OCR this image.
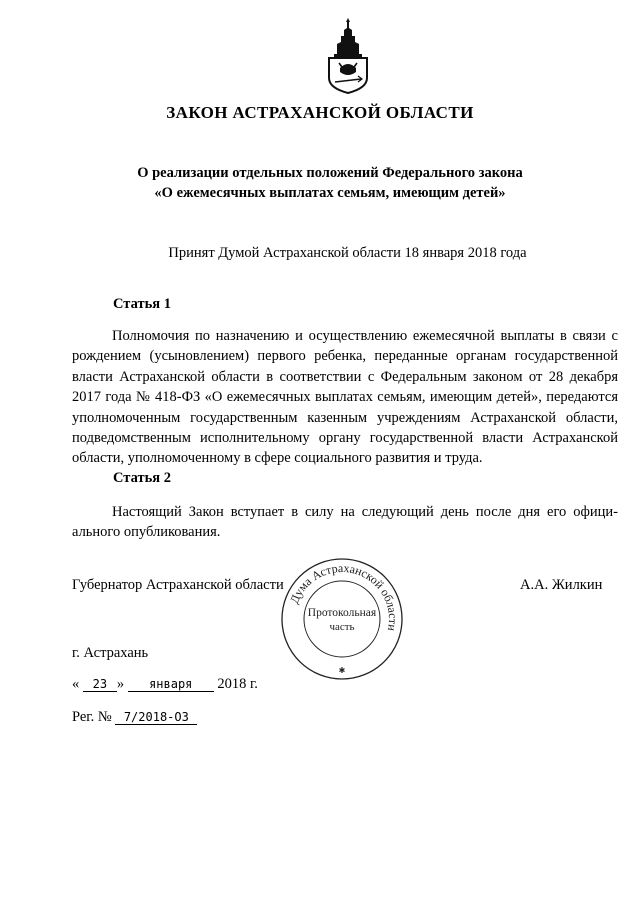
ЗАКОН АСТРАХАНСКОЙ ОБЛАСТИ
О реализации отдельных положений Федерального закона
«О ежемесячных выплатах семьям, имеющим детей»

Принят Думой Астраханской области 18 января 2018 года

Статья 1

Полномочия по назначению и осуществлению ежемесячной выплаты в связи с рождением (усыновлением) первого ребенка, переданные органам государственной власти Астраханской области в соответствии с Федеральным законом от 28 декабря 2017 года № 418-ФЗ «О ежемесячных выплатах семьям, имеющим детей», передаются уполномоченным государственным казенным учреждениям Астраханской области, подведомственным исполнительному органу государственной власти Астраханской области, уполномоченному в сфере социального развития и труда.

Статья 2

Настоящий Закон вступает в силу на следующий день после дня его официального опубликования.

Губернатор Астраханской области	А.А. Жилкин

Дума Астраханской области
Протокольная
часть
✱

г. Астрахань

« 23 » января 2018 г.

Рег. № 7/2018-ОЗ
